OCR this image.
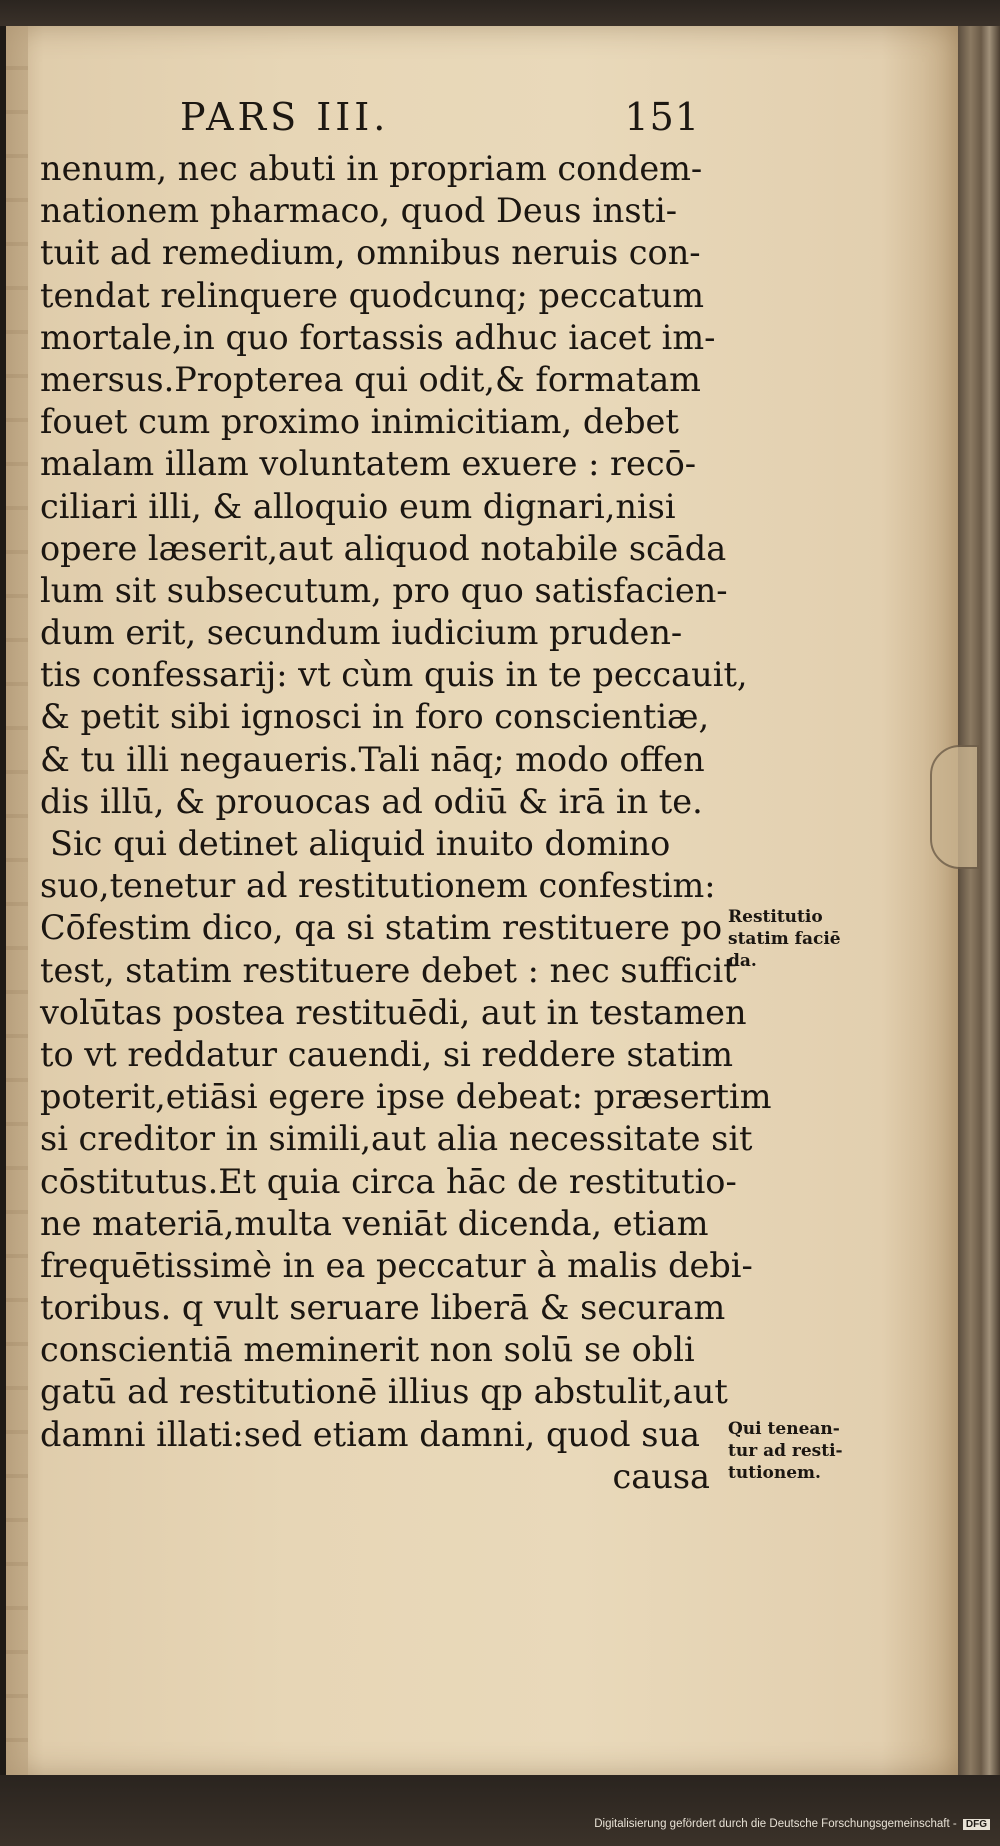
PARS III.	151
nenum, nec abuti in propriam condem-
nationem pharmaco, quod Deus insti-
tuit ad remedium, omnibus neruis con-
tendat relinquere quodcunq; peccatum
mortale,in quo fortassis adhuc iacet im-
mersus.Propterea qui odit,& formatam
fouet cum proximo inimicitiam, debet
malam illam voluntatem exuere : recō-
ciliari illi, & alloquio eum dignari,nisi
opere læserit,aut aliquod notabile scāda
lum sit subsecutum, pro quo satisfacien-
dum erit, secundum iudicium pruden-
tis confessarij: vt cùm quis in te peccauit,
& petit sibi ignosci in foro conscientiæ,
& tu illi negaueris.Tali nāq; modo offen
dis illū, & prouocas ad odiū & irā in te.
Sic qui detinet aliquid inuito domino
suo,tenetur ad restitutionem confestim:
Cōfestim dico, qa si statim restituere po
test, statim restituere debet : nec sufficit
volūtas postea restituēdi, aut in testamen
to vt reddatur cauendi, si reddere statim
poterit,etiāsi egere ipse debeat: præsertim
si creditor in simili,aut alia necessitate sit
cōstitutus.Et quia circa hāc de restitutio-
ne materiā,multa veniāt dicenda, etiam
frequētissimè in ea peccatur à malis debi-
toribus. q vult seruare liberā & securam
conscientiā meminerit non solū se obli
gatū ad restitutionē illius qp abstulit,aut
damni illati:sed etiam damni, quod sua
causa
Restitutio
statim faciē
da.
Qui tenean-
tur ad resti-
tutionem.
Digitalisierung gefördert durch die Deutsche Forschungsgemeinschaft - DFG
